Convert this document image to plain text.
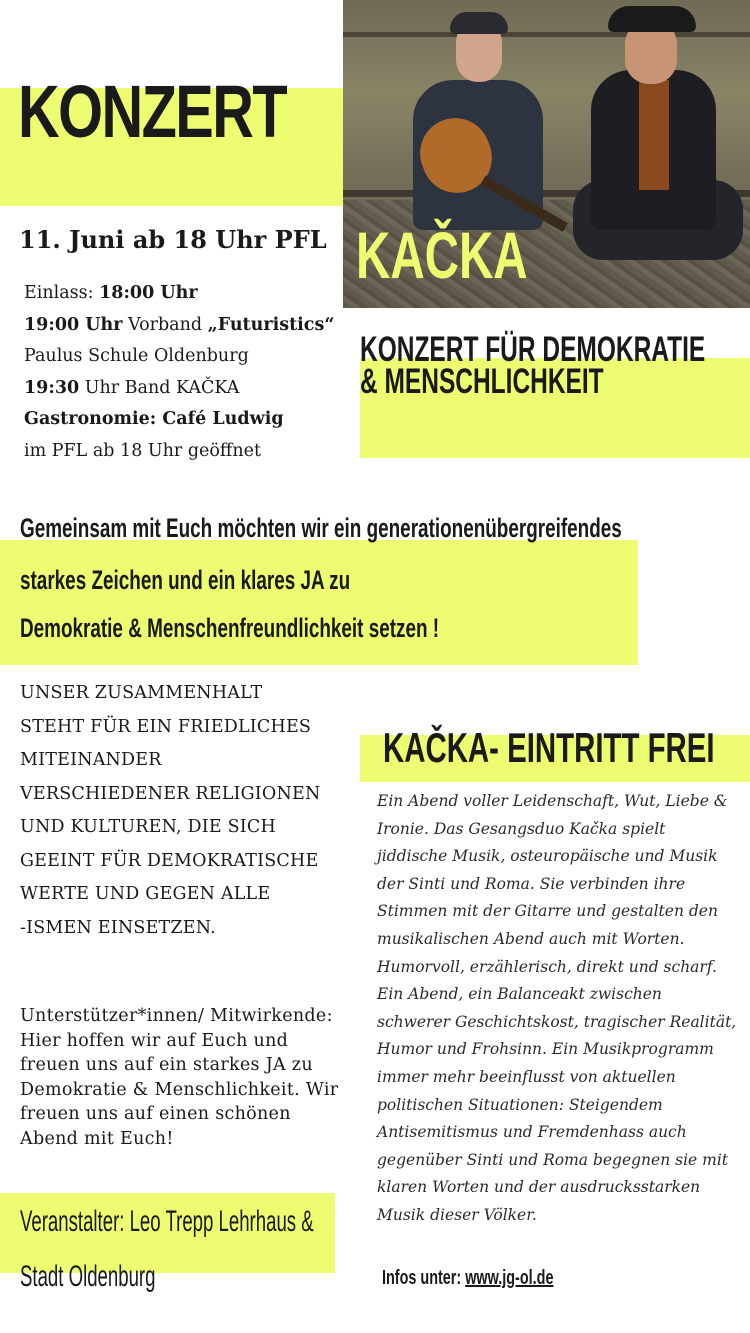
KONZERT
11. Juni ab 18 Uhr PFL
Einlass: 18:00 Uhr
19:00 Uhr Vorband „Futuristics“
Paulus Schule Oldenburg
19:30 Uhr Band KAČKA
Gastronomie: Café Ludwig
im PFL ab 18 Uhr geöffnet
KAČKA
KONZERT FÜR DEMOKRATIE
& MENSCHLICHKEIT
Gemeinsam mit Euch möchten wir ein generationenübergreifendes
starkes Zeichen und ein klares JA zu
Demokratie & Menschenfreundlichkeit setzen !
UNSER ZUSAMMENHALT
STEHT FÜR EIN FRIEDLICHES
MITEINANDER
VERSCHIEDENER RELIGIONEN
UND KULTUREN, DIE SICH
GEEINT FÜR DEMOKRATISCHE
WERTE UND GEGEN ALLE
-ISMEN EINSETZEN.
Unterstützer*innen/ Mitwirkende:
Hier hoffen wir auf Euch und
freuen uns auf ein starkes JA zu
Demokratie & Menschlichkeit. Wir
freuen uns auf einen schönen
Abend mit Euch!
Veranstalter: Leo Trepp Lehrhaus &
Stadt Oldenburg
KAČKA- EINTRITT FREI
Ein Abend voller Leidenschaft, Wut, Liebe &
Ironie. Das Gesangsduo Kačka spielt
jiddische Musik, osteuropäische und Musik
der Sinti und Roma. Sie verbinden ihre
Stimmen mit der Gitarre und gestalten den
musikalischen Abend auch mit Worten.
Humorvoll, erzählerisch, direkt und scharf.
Ein Abend, ein Balanceakt zwischen
schwerer Geschichtskost, tragischer Realität,
Humor und Frohsinn. Ein Musikprogramm
immer mehr beeinflusst von aktuellen
politischen Situationen: Steigendem
Antisemitismus und Fremdenhass auch
gegenüber Sinti und Roma begegnen sie mit
klaren Worten und der ausdrucksstarken
Musik dieser Völker.
Infos unter: www.jg-ol.de
